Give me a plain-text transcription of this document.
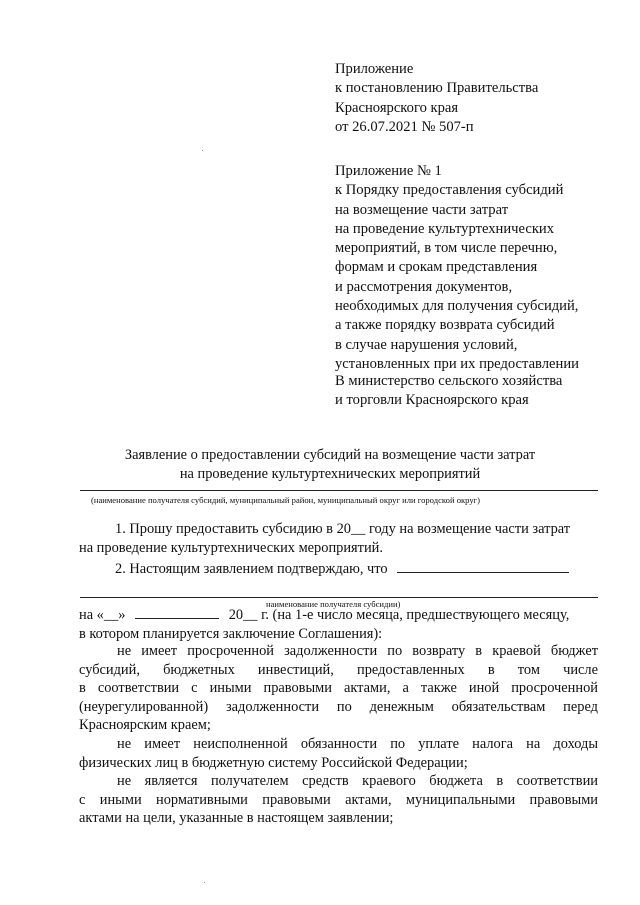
Приложение
к постановлению Правительства
Красноярского края
от 26.07.2021 № 507-п
Приложение № 1
к Порядку предоставления субсидий
на возмещение части затрат
на проведение культуртехнических
мероприятий, в том числе перечню,
формам и срокам представления
и рассмотрения документов,
необходимых для получения субсидий,
а также порядку возврата субсидий
в случае нарушения условий,
установленных при их предоставлении
В министерство сельского хозяйства
и торговли Красноярского края
Заявление о предоставлении субсидий на возмещение части затрат
на проведение культуртехнических мероприятий
(наименование получателя субсидий, муниципальный район, муниципальный округ или городской округ)
1. Прошу предоставить субсидию в 20__ году на возмещение части затрат
на проведение культуртехнических мероприятий.
2. Настоящим заявлением подтверждаю, что
наименование получателя субсидии)
на «__»	20__ г. (на 1-е число месяца, предшествующего месяцу,
в котором планируется заключение Соглашения):
не имеет просроченной задолженности по возврату в краевой бюджет
субсидий, бюджетных инвестиций, предоставленных в том числе
в соответствии с иными правовыми актами, а также иной просроченной
(неурегулированной) задолженности по денежным обязательствам перед
Красноярским краем;
не имеет неисполненной обязанности по уплате налога на доходы
физических лиц в бюджетную систему Российской Федерации;
не является получателем средств краевого бюджета в соответствии
с иными нормативными правовыми актами, муниципальными правовыми
актами на цели, указанные в настоящем заявлении;
